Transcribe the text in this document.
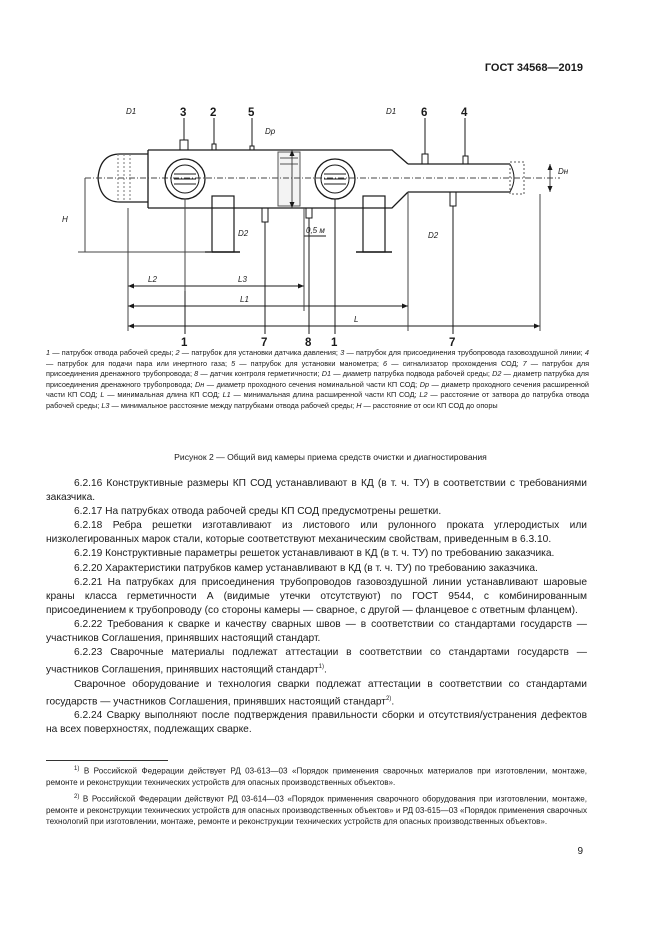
ГОСТ 34568—2019
D1	D1
Dр
Dн
H
D2	D2
0,5 м
L2	L3
L1
L
3 2	5	6	4
1	7	8 1	7
1 — патрубок отвода рабочей среды; 2 — патрубок для установки датчика давления; 3 — патрубок для присоединения трубопровода газовоздушной линии; 4 — патрубок для подачи пара или инертного газа; 5 — патрубок для установки манометра; 6 — сигнализатор прохождения СОД; 7 — патрубок для присоединения дренажного трубопровода; 8 — датчик контроля герметичности; D1 — диаметр патрубка подвода рабочей среды; D2 — диаметр патрубка для присоединения дренажного трубопровода; Dн — диаметр проходного сечения номинальной части КП СОД; Dр — диаметр проходного сечения расширенной части КП СОД; L — минимальная длина КП СОД; L1 — минимальная длина расширенной части КП СОД; L2 — расстояние от затвора до патрубка отвода рабочей среды; L3 — минимальное расстояние между патрубками отвода рабочей среды; H — расстояние от оси КП СОД до опоры
Рисунок 2 — Общий вид камеры приема средств очистки и диагностирования

6.2.16 Конструктивные размеры КП СОД устанавливают в КД (в т. ч. ТУ) в соответствии с требованиями заказчика.

6.2.17 На патрубках отвода рабочей среды КП СОД предусмотрены решетки.

6.2.18 Ребра решетки изготавливают из листового или рулонного проката углеродистых или низколегированных марок стали, которые соответствуют механическим свойствам, приведенным в 6.3.10.

6.2.19 Конструктивные параметры решеток устанавливают в КД (в т. ч. ТУ) по требованию заказчика.

6.2.20 Характеристики патрубков камер устанавливают в КД (в т. ч. ТУ) по требованию заказчика.

6.2.21 На патрубках для присоединения трубопроводов газовоздушной линии устанавливают шаровые краны класса герметичности А (видимые утечки отсутствуют) по ГОСТ 9544, с комбинированным присоединением к трубопроводу (со стороны камеры — сварное, с другой — фланцевое с ответным фланцем).

6.2.22 Требования к сварке и качеству сварных швов — в соответствии со стандартами государств — участников Соглашения, принявших настоящий стандарт.

6.2.23 Сварочные материалы подлежат аттестации в соответствии со стандартами государств — участников Соглашения, принявших настоящий стандарт$^{1)}$.

Сварочное оборудование и технология сварки подлежат аттестации в соответствии со стандартами государств — участников Соглашения, принявших настоящий стандарт$^{2)}$.

6.2.24 Сварку выполняют после подтверждения правильности сборки и отсутствия/устранения дефектов на всех поверхностях, подлежащих сварке.

$^{1)}$ В Российской Федерации действует РД 03-613—03 «Порядок применения сварочных материалов при изготовлении, монтаже, ремонте и реконструкции технических устройств для опасных производственных объектов».

$^{2)}$ В Российской Федерации действуют РД 03-614—03 «Порядок применения сварочного оборудования при изготовлении, монтаже, ремонте и реконструкции технических устройств для опасных производственных объектов» и РД 03-615—03 «Порядок применения сварочных технологий при изготовлении, монтаже, ремонте и реконструкции технических устройств для опасных производственных объектов».

9
